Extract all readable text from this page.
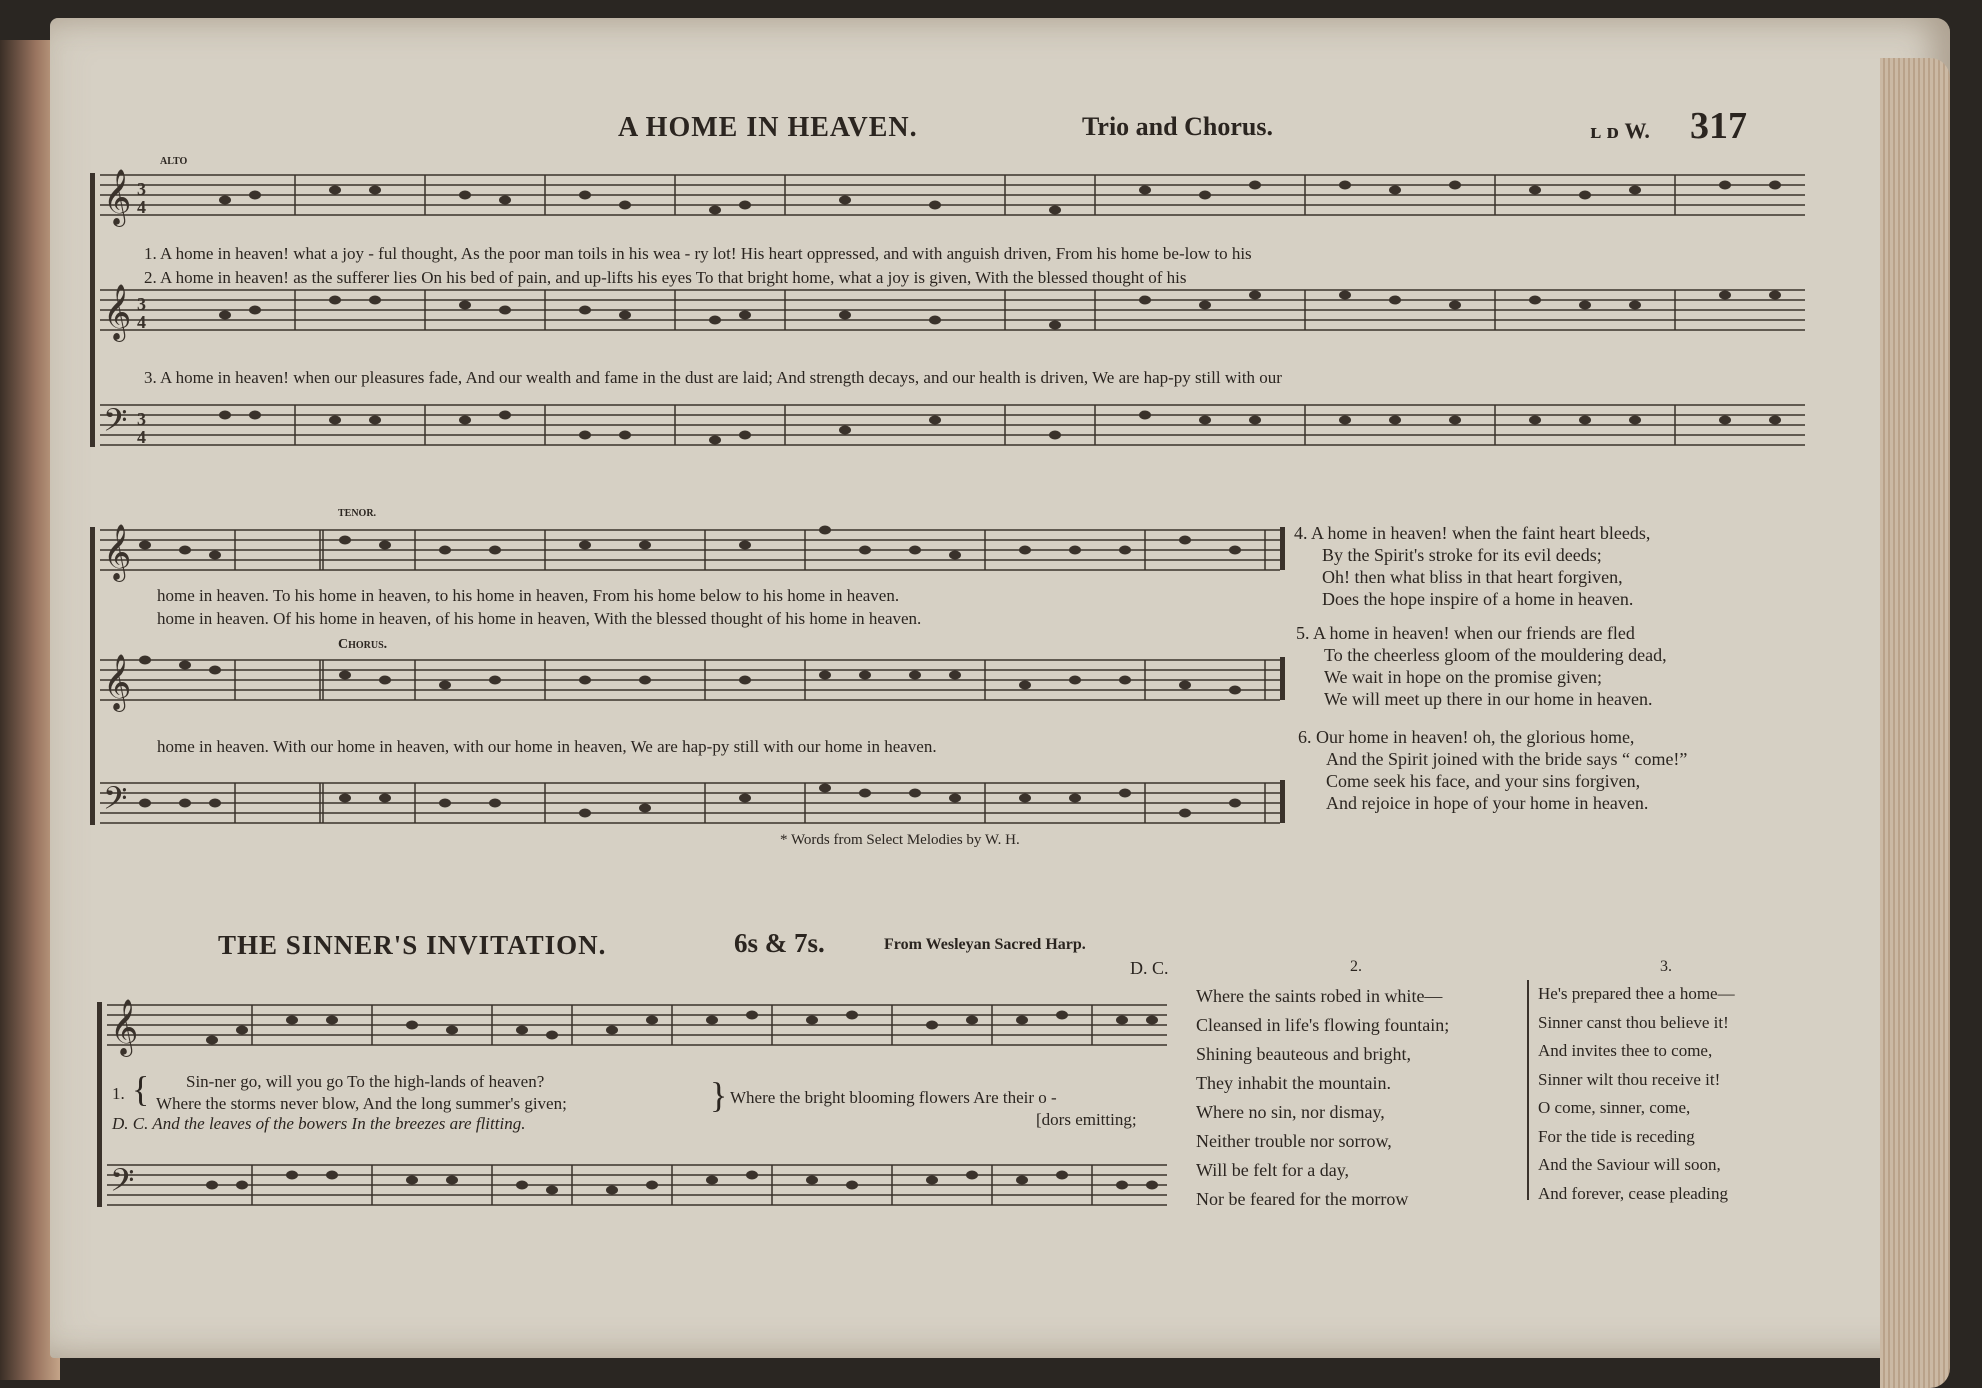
A HOME IN HEAVEN.	Trio and Chorus.	ʟ ᴅ W. 317
𝄞
𝄞
𝄢
3
4
3
4
3
4
ALTO
1. A home in heaven! what a joy - ful thought, As the poor man toils in his wea - ry lot! His heart oppressed, and with anguish driven, From his home be-low to his
2. A home in heaven! as the sufferer lies On his bed of pain, and up-lifts his eyes To that bright home, what a joy is given, With the blessed thought of his
3. A home in heaven! when our pleasures fade, And our wealth and fame in the dust are laid; And strength decays, and our health is driven, We are hap-py still with our
𝄞
𝄞
𝄢
TENOR.
home in heaven. To his home in heaven, to his home in heaven, From his home below to his home in heaven.
home in heaven. Of his home in heaven, of his home in heaven, With the blessed thought of his home in heaven.
Chorus.
home in heaven. With our home in heaven, with our home in heaven, We are hap-py still with our home in heaven.
* Words from Select Melodies by W. H.
4. A home in heaven! when the faint heart bleeds,
By the Spirit's stroke for its evil deeds;
Oh! then what bliss in that heart forgiven,
Does the hope inspire of a home in heaven.
5. A home in heaven! when our friends are fled
To the cheerless gloom of the mouldering dead,
We wait in hope on the promise given;
We will meet up there in our home in heaven.
6. Our home in heaven! oh, the glorious home,
And the Spirit joined with the bride says “ come!”
Come seek his face, and your sins forgiven,
And rejoice in hope of your home in heaven.
THE SINNER'S INVITATION.	6s & 7s.	From Wesleyan Sacred Harp.
D. C.
𝄞
𝄢
1. { Sin-ner go, will you go To the high-lands of heaven?
Where the storms never blow, And the long summer's given;	} Where the bright blooming flowers Are their o -
[dors emitting;
D. C. And the leaves of the bowers In the breezes are flitting.
2.
Where the saints robed in white—
Cleansed in life's flowing fountain;
Shining beauteous and bright,
They inhabit the mountain.
Where no sin, nor dismay,
Neither trouble nor sorrow,
Will be felt for a day,
Nor be feared for the morrow
3.
He's prepared thee a home—
Sinner canst thou believe it!
And invites thee to come,
Sinner wilt thou receive it!
O come, sinner, come,
For the tide is receding
And the Saviour will soon,
And forever, cease pleading
